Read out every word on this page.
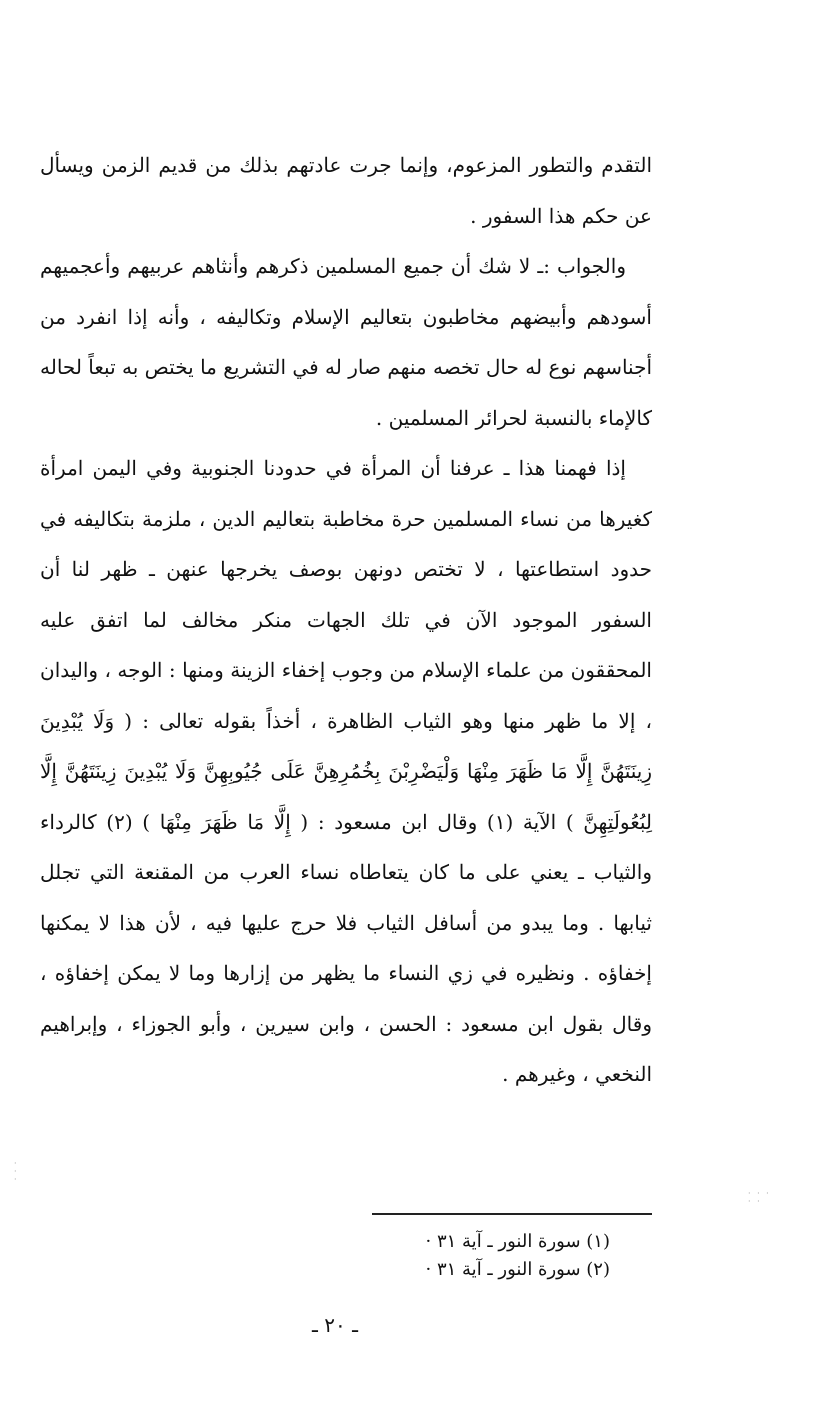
التقدم والتطور المزعوم، وإنما جرت عادتهم بذلك من قديم الزمن ويسأل عن حكم هذا السفور .

والجواب :ـ لا شك أن جميع المسلمين ذكرهم وأنثاهم عربيهم وأعجميهم أسودهم وأبيضهم مخاطبون بتعاليم الإسلام وتكاليفه ، وأنه إذا انفرد من أجناسهم نوع له حال تخصه منهم صار له في التشريع ما يختص به تبعاً لحاله كالإماء بالنسبة لحرائر المسلمين .

إذا فهمنا هذا ـ عرفنا أن المرأة في حدودنا الجنوبية وفي اليمن امرأة كغيرها من نساء المسلمين حرة مخاطبة بتعاليم الدين ، ملزمة بتكاليفه في حدود استطاعتها ، لا تختص دونهن بوصف يخرجها عنهن ـ ظهر لنا أن السفور الموجود الآن في تلك الجهات منكر مخالف لما اتفق عليه المحققون من علماء الإسلام من وجوب إخفاء الزينة ومنها : الوجه ، واليدان ، إلا ما ظهر منها وهو الثياب الظاهرة ، أخذاً بقوله تعالى : ( وَلَا يُبْدِينَ زِينَتَهُنَّ إِلَّا مَا ظَهَرَ مِنْهَا وَلْيَضْرِبْنَ بِخُمُرِهِنَّ عَلَى جُيُوبِهِنَّ وَلَا يُبْدِينَ زِينَتَهُنَّ إِلَّا لِبُعُولَتِهِنَّ ) الآية (١) وقال ابن مسعود : ( إِلَّا مَا ظَهَرَ مِنْهَا ) (٢) كالرداء والثياب ـ يعني على ما كان يتعاطاه نساء العرب من المقنعة التي تجلل ثيابها . وما يبدو من أسافل الثياب فلا حرج عليها فيه ، لأن هذا لا يمكنها إخفاؤه . ونظيره في زي النساء ما يظهر من إزارها وما لا يمكن إخفاؤه ، وقال بقول ابن مسعود : الحسن ، وابن سيرين ، وأبو الجوزاء ، وإبراهيم النخعي ، وغيرهم .

(١) سورة النور ـ آية ٣١ ·

(٢) سورة النور ـ آية ٣١ ·

ـ ٢٠ ـ
·
·
·
· · ·
· ·
